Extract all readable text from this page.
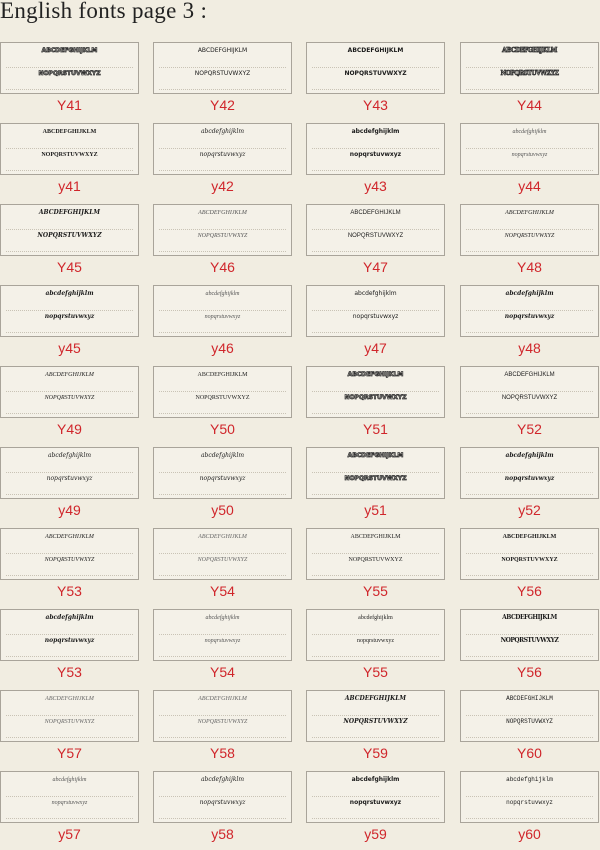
English fonts page 3 :
ABCDEFGHIJKLM
NOPQRSTUVWXYZ
Y41
ABCDEFGHIJKLM
NOPQRSTUVWXYZ
Y42
ABCDEFGHIJKLM
NOPQRSTUVWXYZ
Y43
ABCDEFGHIJKLM
NOPQRSTUVWXYZ
Y44
ABCDEFGHIJKLM
NOPQRSTUVWXYZ
y41
abcdefghijklm
nopqrstuvwxyz
y42
abcdefghijklm
nopqrstuvwxyz
y43
abcdefghijklm
nopqrstuvwxyz
y44
ABCDEFGHIJKLM
NOPQRSTUVWXYZ
Y45
ABCDEFGHIJKLM
NOPQRSTUVWXYZ
Y46
ABCDEFGHIJKLM
NOPQRSTUVWXYZ
Y47
ABCDEFGHIJKLM
NOPQRSTUVWXYZ
Y48
abcdefghijklm
nopqrstuvwxyz
y45
abcdefghijklm
nopqrstuvwxyz
y46
abcdefghijklm
nopqrstuvwxyz
y47
abcdefghijklm
nopqrstuvwxyz
y48
ABCDEFGHIJKLM
NOPQRSTUVWXYZ
Y49
ABCDEFGHIJKLM
NOPQRSTUVWXYZ
Y50
ABCDEFGHIJKLM
NOPQRSTUVWXYZ
Y51
ABCDEFGHIJKLM
NOPQRSTUVWXYZ
Y52
abcdefghijklm
nopqrstuvwxyz
y49
abcdefghijklm
nopqrstuvwxyz
y50
ABCDEFGHIJKLM
NOPQRSTUVWXYZ
y51
abcdefghijklm
nopqrstuvwxyz
y52
ABCDEFGHIJKLM
NOPQRSTUVWXYZ
Y53
ABCDEFGHIJKLM
NOPQRSTUVWXYZ
Y54
ABCDEFGHIJKLM
NOPQRSTUVWXYZ
Y55
ABCDEFGHIJKLM
NOPQRSTUVWXYZ
Y56
abcdefghijklm
nopqrstuvwxyz
Y53
abcdefghijklm
nopqrstuvwxyz
Y54
abcdefghijklm
nopqrstuvwxyz
Y55
ABCDEFGHIJKLM
NOPQRSTUVWXYZ
Y56
ABCDEFGHIJKLM
NOPQRSTUVWXYZ
Y57
ABCDEFGHIJKLM
NOPQRSTUVWXYZ
Y58
ABCDEFGHIJKLM
NOPQRSTUVWXYZ
Y59
ABCDEFGHIJKLM
NOPQRSTUVWXYZ
Y60
abcdefghijklm
nopqrstuvwxyz
y57
abcdefghijklm
nopqrstuvwxyz
y58
abcdefghijklm
nopqrstuvwxyz
y59
abcdefghijklm
nopqrstuvwxyz
y60
